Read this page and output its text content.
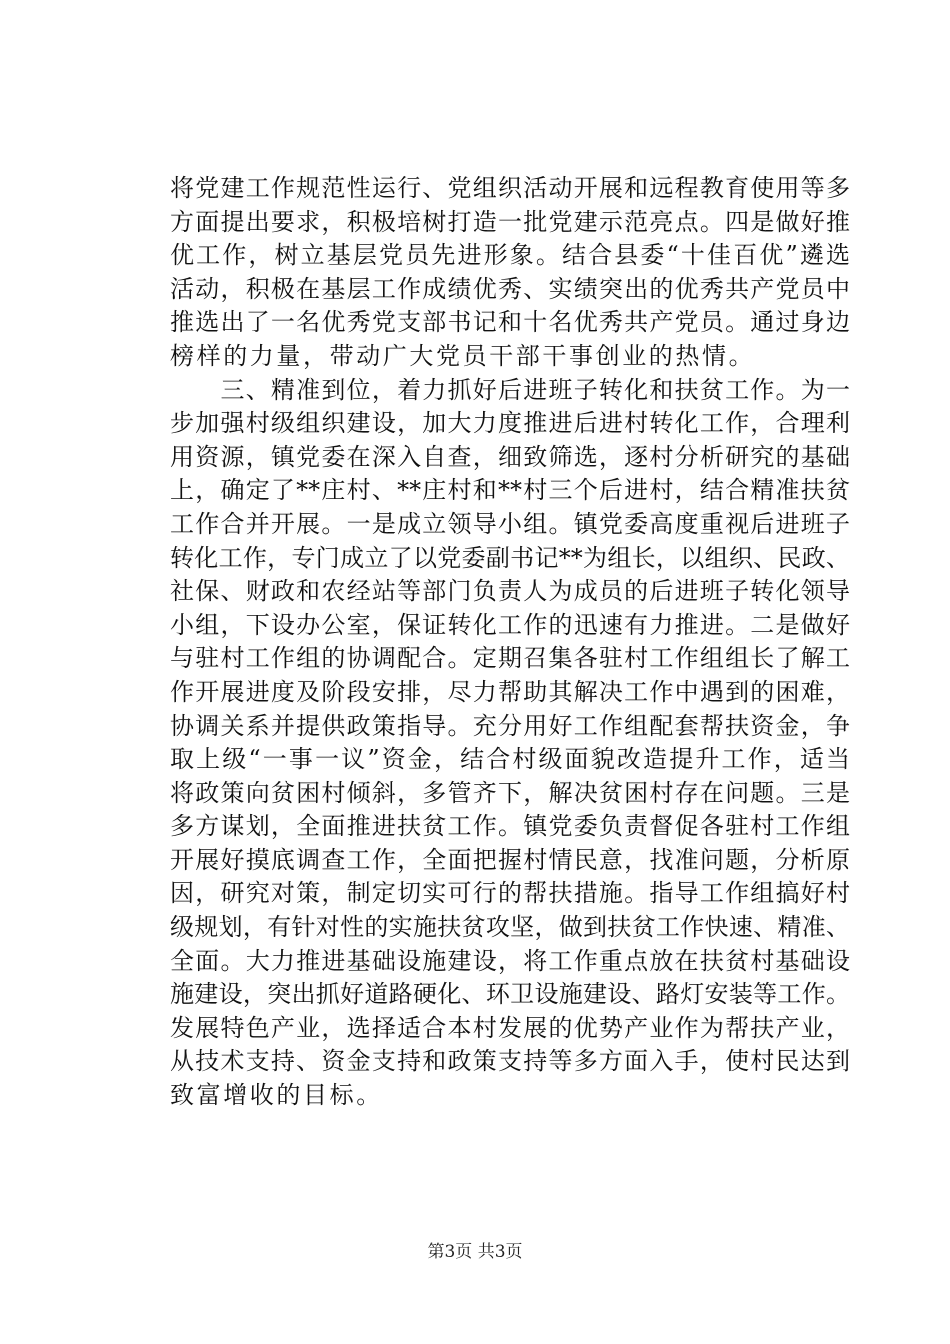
将党建工作规范性运行、党组织活动开展和远程教育使用等多
方面提出要求，积极培树打造一批党建示范亮点。四是做好推
优工作，树立基层党员先进形象。结合县委“十佳百优”遴选
活动，积极在基层工作成绩优秀、实绩突出的优秀共产党员中
推选出了一名优秀党支部书记和十名优秀共产党员。通过身边
榜样的力量，带动广大党员干部干事创业的热情。
　　三、精准到位，着力抓好后进班子转化和扶贫工作。为一
步加强村级组织建设，加大力度推进后进村转化工作，合理利
用资源，镇党委在深入自查，细致筛选，逐村分析研究的基础
上，确定了**庄村、**庄村和**村三个后进村，结合精准扶贫
工作合并开展。一是成立领导小组。镇党委高度重视后进班子
转化工作，专门成立了以党委副书记**为组长，以组织、民政、
社保、财政和农经站等部门负责人为成员的后进班子转化领导
小组，下设办公室，保证转化工作的迅速有力推进。二是做好
与驻村工作组的协调配合。定期召集各驻村工作组组长了解工
作开展进度及阶段安排，尽力帮助其解决工作中遇到的困难，
协调关系并提供政策指导。充分用好工作组配套帮扶资金，争
取上级“一事一议”资金，结合村级面貌改造提升工作，适当
将政策向贫困村倾斜，多管齐下，解决贫困村存在问题。三是
多方谋划，全面推进扶贫工作。镇党委负责督促各驻村工作组
开展好摸底调查工作，全面把握村情民意，找准问题，分析原
因，研究对策，制定切实可行的帮扶措施。指导工作组搞好村
级规划，有针对性的实施扶贫攻坚，做到扶贫工作快速、精准、
全面。大力推进基础设施建设，将工作重点放在扶贫村基础设
施建设，突出抓好道路硬化、环卫设施建设、路灯安装等工作。
发展特色产业，选择适合本村发展的优势产业作为帮扶产业，
从技术支持、资金支持和政策支持等多方面入手，使村民达到
致富增收的目标。
第3页 共3页
